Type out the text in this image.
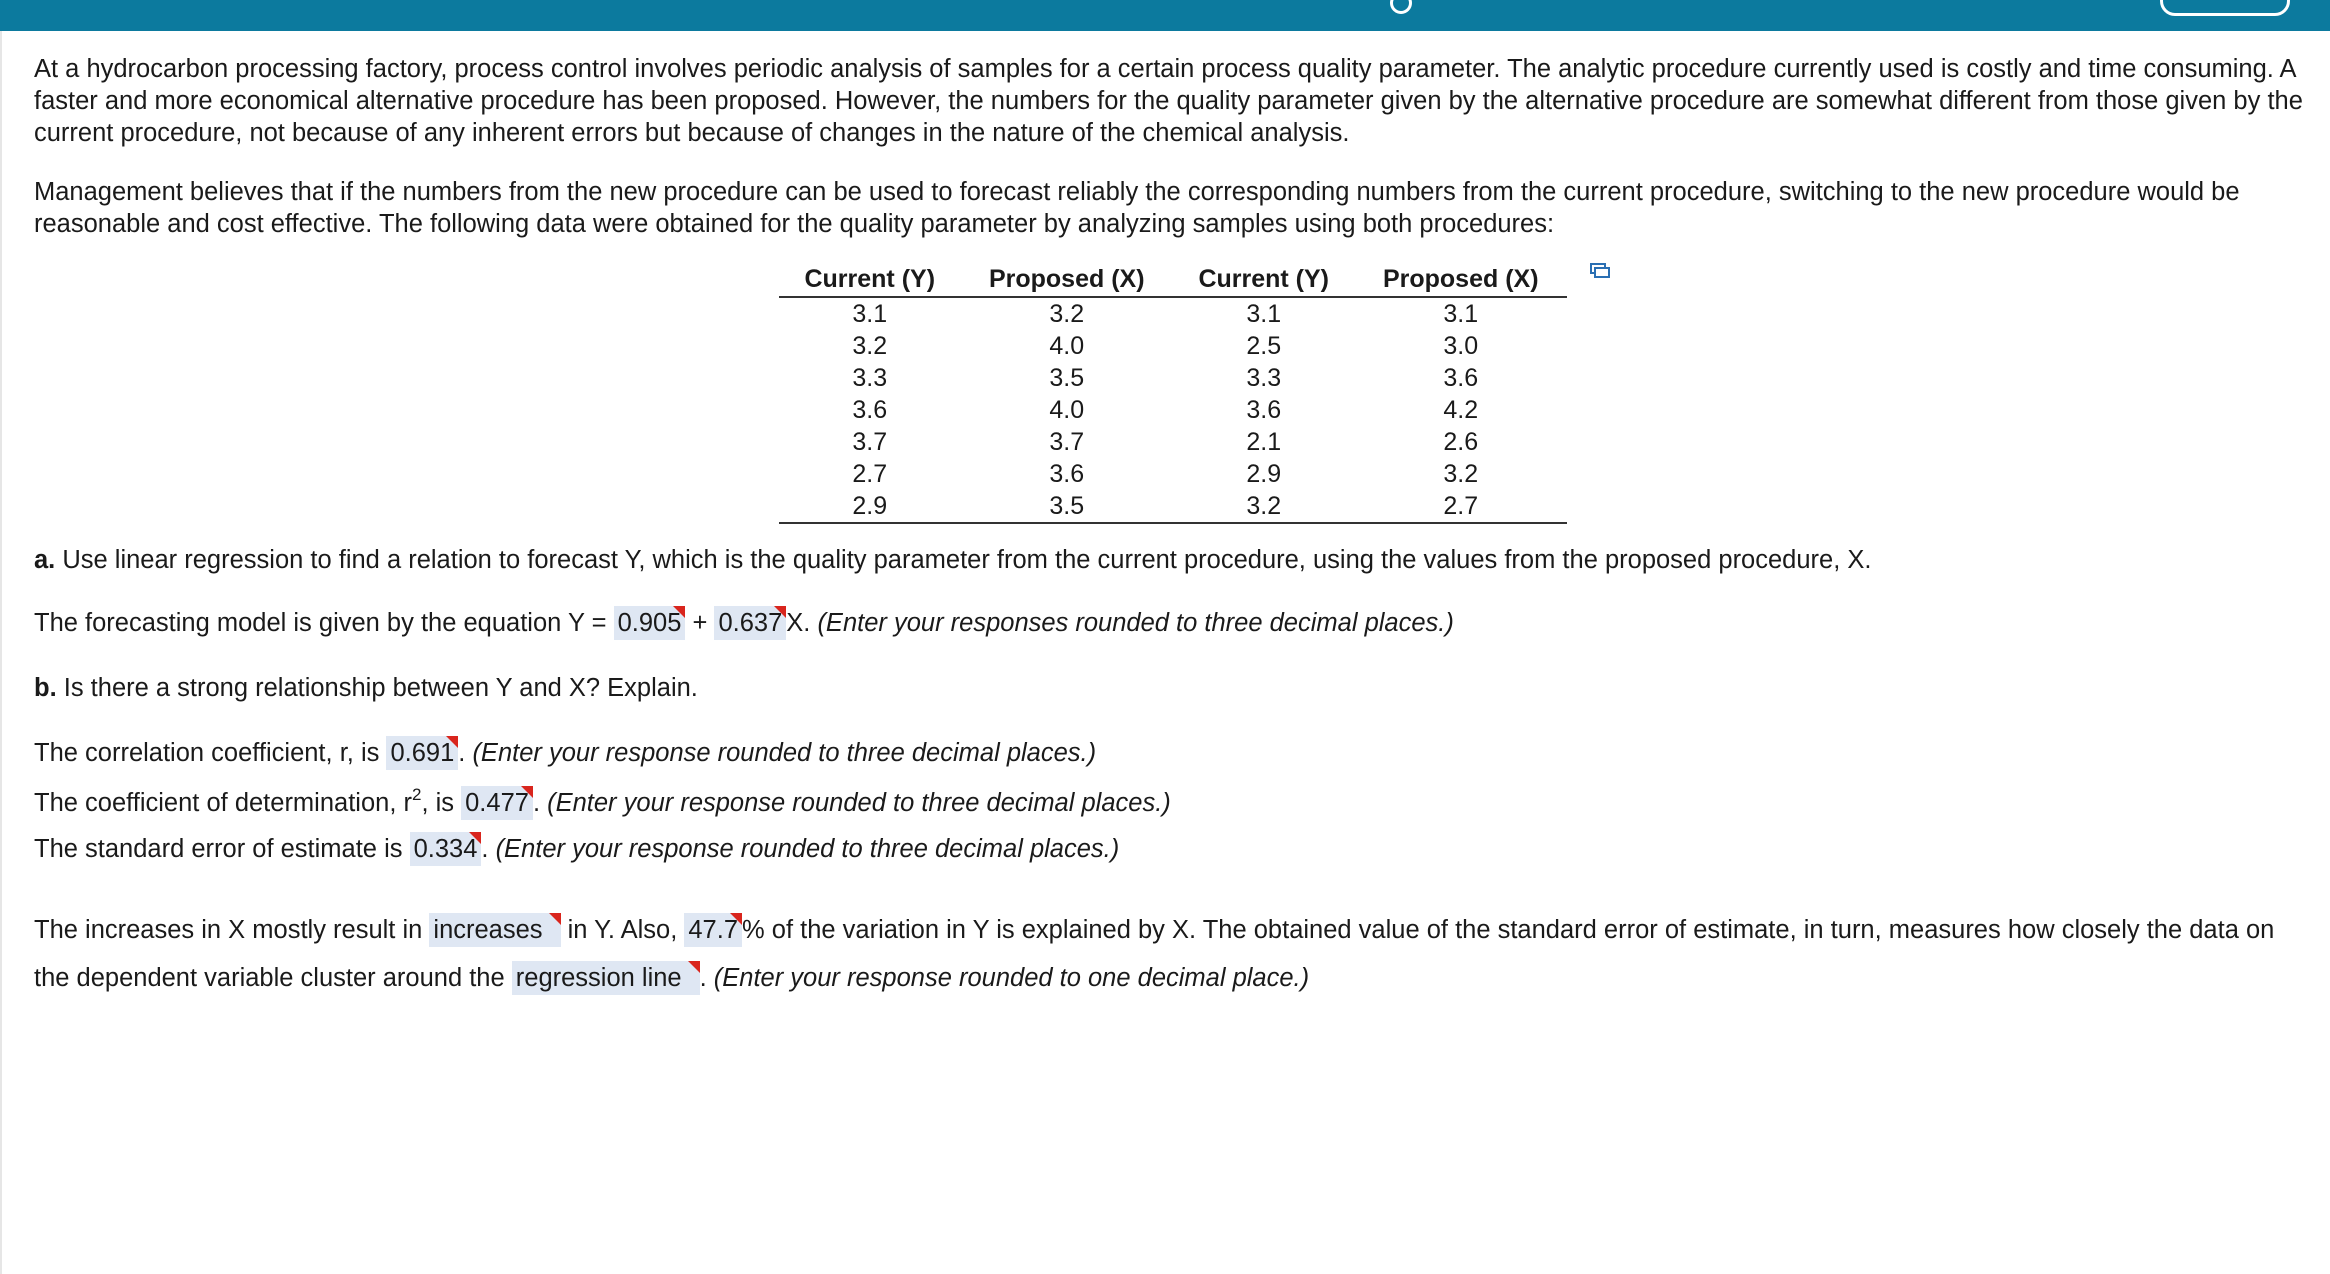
At a hydrocarbon processing factory, process control involves periodic analysis of samples for a certain process quality parameter. The analytic procedure currently used is costly and time consuming. A faster and more economical alternative procedure has been proposed. However, the numbers for the quality parameter given by the alternative procedure are somewhat different from those given by the current procedure, not because of any inherent errors but because of changes in the nature of the chemical analysis.

Management believes that if the numbers from the new procedure can be used to forecast reliably the corresponding numbers from the current procedure, switching to the new procedure would be reasonable and cost effective. The following data were obtained for the quality parameter by analyzing samples using both procedures:

Current (Y)	Proposed (X)	Current (Y)	Proposed (X)
3.1	3.2	3.1	3.1
3.2	4.0	2.5	3.0
3.3	3.5	3.3	3.6
3.6	4.0	3.6	4.2
3.7	3.7	2.1	2.6
2.7	3.6	2.9	3.2
2.9	3.5	3.2	2.7

a. Use linear regression to find a relation to forecast Y, which is the quality parameter from the current procedure, using the values from the proposed procedure, X.

The forecasting model is given by the equation Y = 0.905
+ 0.637 X. (Enter your responses rounded to three decimal places.)

b. Is there a strong relationship between Y and X? Explain.

The correlation coefficient, r, is 0.691 . (Enter your response rounded to three decimal places.)

The coefficient of determination, $r^2$, is 0.477 . (Enter your response rounded to three decimal places.)

The standard error of estimate is 0.334 . (Enter your response rounded to three decimal places.)

The increases in X mostly result in increases
in Y. Also, 47.7 % of the variation in Y is explained by X. The obtained value of the standard error of estimate, in turn, measures how closely the data on the dependent variable cluster around the regression line . (Enter your response rounded to one decimal place.)
